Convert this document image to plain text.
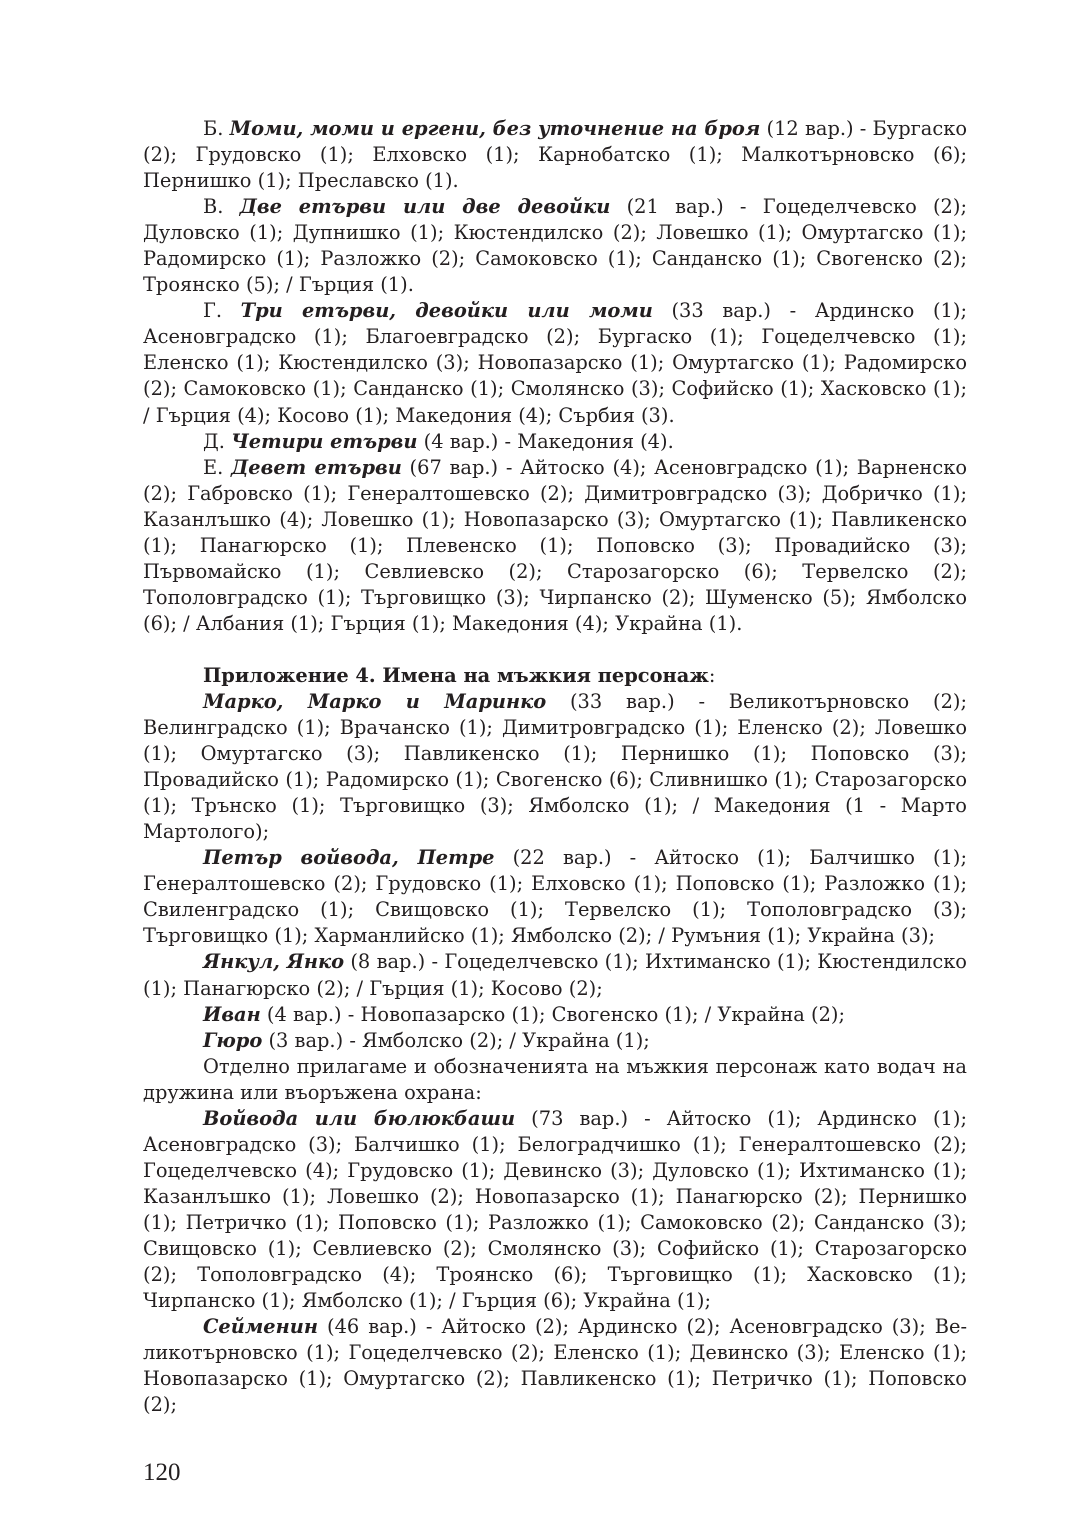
Б. Моми, моми и ергени, без уточнение на броя (12 вар.) - Бургаско (2); Грудовско (1); Елховско (1); Карнобатско (1); Малкотърновско (6); Пернишко (1); Преславско (1).

В. Две етърви или две девойки (21 вар.) - Гоцеделчевско (2); Дуловско (1); Дупнишко (1); Кюстендилско (2); Ловешко (1); Омуртагско (1); Радомирско (1); Разложко (2); Самоковско (1); Санданско (1); Свогенско (2); Троянско (5); / Гърция (1).

Г. Три етърви, девойки или моми (33 вар.) - Ардинско (1); Асеновградско (1); Благоевградско (2); Бургаско (1); Гоцеделчевско (1); Еленско (1); Кюстендилско (3); Новопазарско (1); Омуртагско (1); Радомирско (2); Самоковско (1); Санданско (1); Смолянско (3); Софийско (1); Хасковско (1); / Гърция (4); Косово (1); Македония (4); Сърбия (3).

Д. Четири етърви (4 вар.) - Македония (4).

Е. Девет етърви (67 вар.) - Айтоско (4); Асеновградско (1); Варненско (2); Габровско (1); Генералтошевско (2); Димитровградско (3); Добричко (1); Казанлъшко (4); Ловешко (1); Новопазарско (3); Омуртагско (1); Павликенско (1); Панагюрско (1); Плевенско (1); Поповско (3); Провадийско (3); Първомайско (1); Севлиевско (2); Старозагорско (6); Тервелско (2); Тополовградско (1); Търговищко (3); Чирпанско (2); Шуменско (5); Ямболско (6); / Албания (1); Гърция (1); Македония (4); Украйна (1).

Приложение 4. Имена на мъжкия персонаж:

Марко, Марко и Маринко (33 вар.) - Великотърновско (2); Велинградско (1); Врачанско (1); Димитровградско (1); Еленско (2); Ловешко (1); Омуртагско (3); Павликенско (1); Пернишко (1); Поповско (3); Провадийско (1); Радомирско (1); Свогенско (6); Сливнишко (1); Старозагорско (1); Трънско (1); Търговищко (3); Ямболско (1); / Македония (1 - Марто Мартолого);

Петър войвода, Петре (22 вар.) - Айтоско (1); Балчишко (1); Генералтошевско (2); Грудовско (1); Елховско (1); Поповско (1); Разложко (1); Свиленградско (1); Свищовско (1); Тервелско (1); Тополовградско (3); Търговищко (1); Харманлийско (1); Ямболско (2); / Румъния (1); Украйна (3);

Янкул, Янко (8 вар.) - Гоцеделчевско (1); Ихтиманско (1); Кюстендилско (1); Панагюрско (2); / Гърция (1); Косово (2);

Иван (4 вар.) - Новопазарско (1); Свогенско (1); / Украйна (2);

Гюро (3 вар.) - Ямболско (2); / Украйна (1);

Отделно прилагаме и обозначенията на мъжкия персонаж като водач на дружина или въоръжена охрана:

Войвода или бюлюкбаши (73 вар.) - Айтоско (1); Ардинско (1); Асеновградско (3); Балчишко (1); Белоградчишко (1); Генералтошевско (2); Гоцеделчевско (4); Грудовско (1); Девинско (3); Дуловско (1); Ихтиманско (1); Казанлъшко (1); Ловешко (2); Новопазарско (1); Панагюрско (2); Пернишко (1); Петричко (1); Поповско (1); Разложко (1); Самоковско (2); Санданско (3); Свищовско (1); Севлиевско (2); Смолянско (3); Софийско (1); Старозагорско (2); Тополовградско (4); Троянско (6); Търговищко (1); Хасковско (1); Чирпанско (1); Ямболско (1); / Гърция (6); Украйна (1);

Сейменин (46 вар.) - Айтоско (2); Ардинско (2); Асеновградско (3); Великотърновско (1); Гоцеделчевско (2); Еленско (1); Девинско (3); Еленско (1); Новопазарско (1); Омуртагско (2); Павликенско (1); Петричко (1); Поповско (2);

120
